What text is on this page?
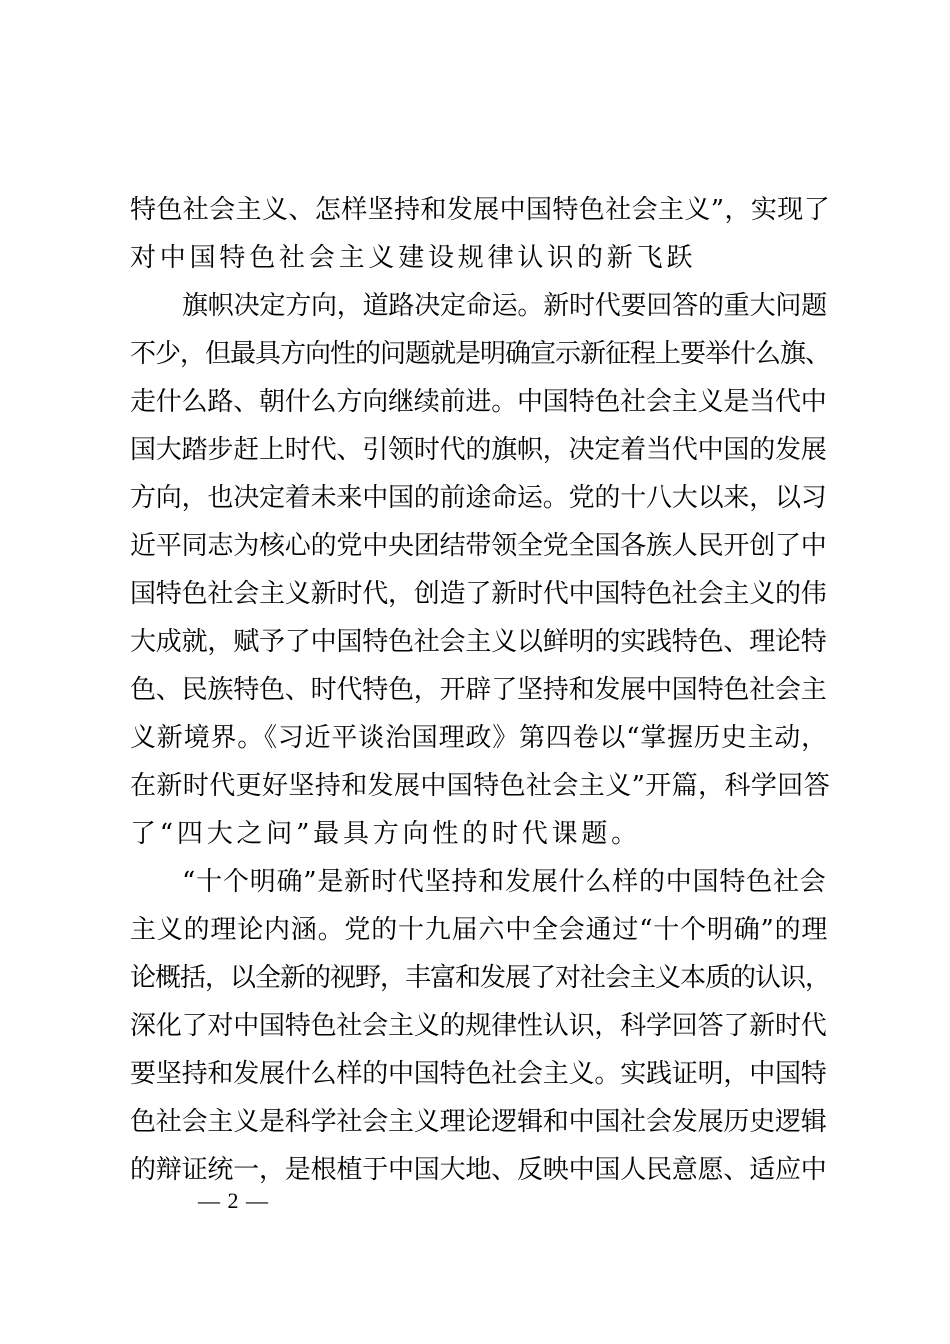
特色社会主义、怎样坚持和发展中国特色社会主义”，实现了
对中国特色社会主义建设规律认识的新飞跃
旗帜决定方向，道路决定命运。新时代要回答的重大问题
不少，但最具方向性的问题就是明确宣示新征程上要举什么旗、
走什么路、朝什么方向继续前进。中国特色社会主义是当代中
国大踏步赶上时代、引领时代的旗帜，决定着当代中国的发展
方向，也决定着未来中国的前途命运。党的十八大以来，以习
近平同志为核心的党中央团结带领全党全国各族人民开创了中
国特色社会主义新时代，创造了新时代中国特色社会主义的伟
大成就，赋予了中国特色社会主义以鲜明的实践特色、理论特
色、民族特色、时代特色，开辟了坚持和发展中国特色社会主
义新境界。《习近平谈治国理政》第四卷以“掌握历史主动，
在新时代更好坚持和发展中国特色社会主义”开篇，科学回答
了“四大之问”最具方向性的时代课题。
“十个明确”是新时代坚持和发展什么样的中国特色社会
主义的理论内涵。党的十九届六中全会通过“十个明确”的理
论概括，以全新的视野，丰富和发展了对社会主义本质的认识，
深化了对中国特色社会主义的规律性认识，科学回答了新时代
要坚持和发展什么样的中国特色社会主义。实践证明，中国特
色社会主义是科学社会主义理论逻辑和中国社会发展历史逻辑
的辩证统一，是根植于中国大地、反映中国人民意愿、适应中
— 2 —
